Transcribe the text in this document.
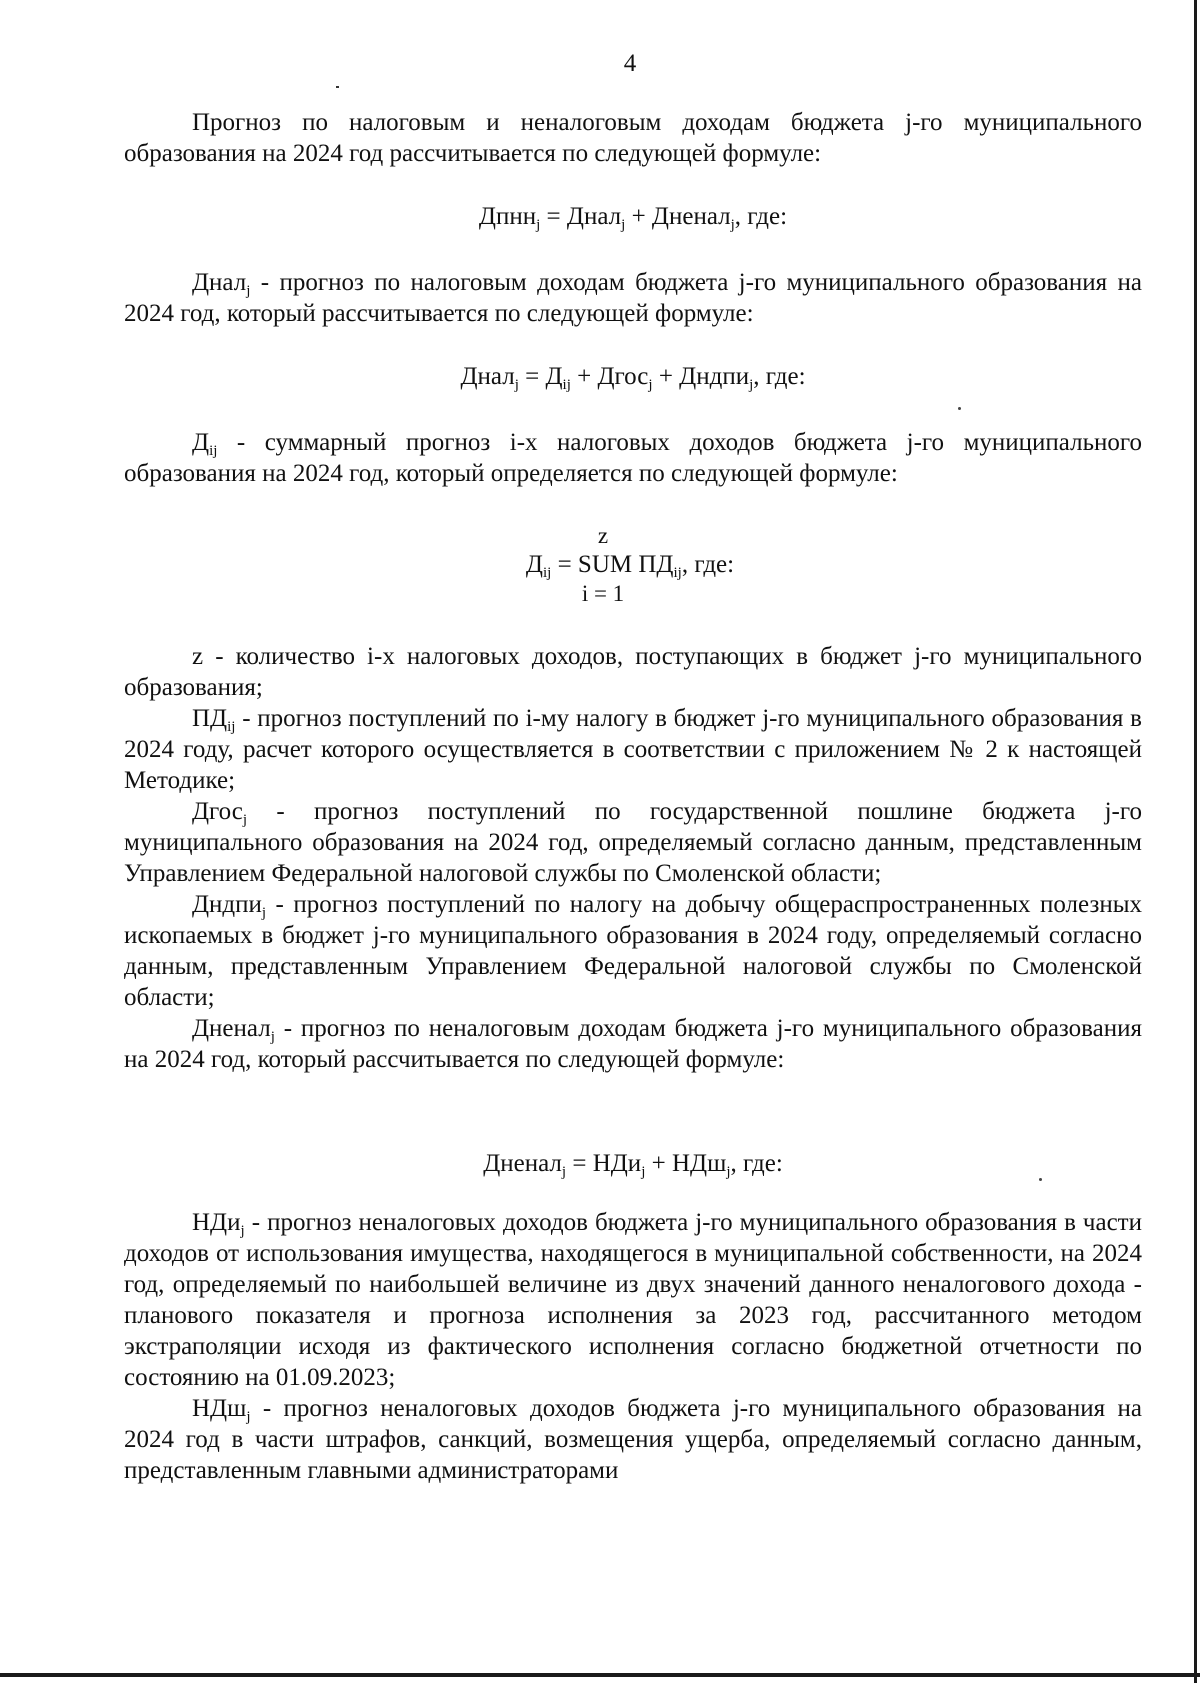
4

Прогноз по налоговым и неналоговым доходам бюджета j-го муниципального образования на 2024 год рассчитывается по следующей формуле:

Дпнн$_j$ = Днал$_j$ + Дненал$_j$, где:

Днал$_j$ - прогноз по налоговым доходам бюджета j-го муниципального образования на 2024 год, который рассчитывается по следующей формуле:

Днал$_j$ = $Д_{ij}$ + Дгос$_j$ + Дндпи$_j$, где:

$Д_{ij}$ - суммарный прогноз i-х налоговых доходов бюджета j-го муниципального образования на 2024 год, который определяется по следующей формуле:

z
$Д_{ij}$ = SUM $ПД_{ij}$, где:
i = 1

z - количество i-х налоговых доходов, поступающих в бюджет j-го муниципального образования;

$ПД_{ij}$ - прогноз поступлений по i-му налогу в бюджет j-го муниципального образования в 2024 году, расчет которого осуществляется в соответствии с приложением № 2 к настоящей Методике;

Дгос$_j$ - прогноз поступлений по государственной пошлине бюджета j-го муниципального образования на 2024 год, определяемый согласно данным, представленным Управлением Федеральной налоговой службы по Смоленской области;

Дндпи$_j$ - прогноз поступлений по налогу на добычу общераспространенных полезных ископаемых в бюджет j-го муниципального образования в 2024 году, определяемый согласно данным, представленным Управлением Федеральной налоговой службы по Смоленской области;

Дненал$_j$ - прогноз по неналоговым доходам бюджета j-го муниципального образования на 2024 год, который рассчитывается по следующей формуле:

Дненал$_j$ = НДи$_j$ + НДш$_j$, где:

НДи$_j$ - прогноз неналоговых доходов бюджета j-го муниципального образования в части доходов от использования имущества, находящегося в муниципальной собственности, на 2024 год, определяемый по наибольшей величине из двух значений данного неналогового дохода - планового показателя и прогноза исполнения за 2023 год, рассчитанного методом экстраполяции исходя из фактического исполнения согласно бюджетной отчетности по состоянию на 01.09.2023;

НДш$_j$ - прогноз неналоговых доходов бюджета j-го муниципального образования на 2024 год в части штрафов, санкций, возмещения ущерба, определяемый согласно данным, представленным главными администраторами
